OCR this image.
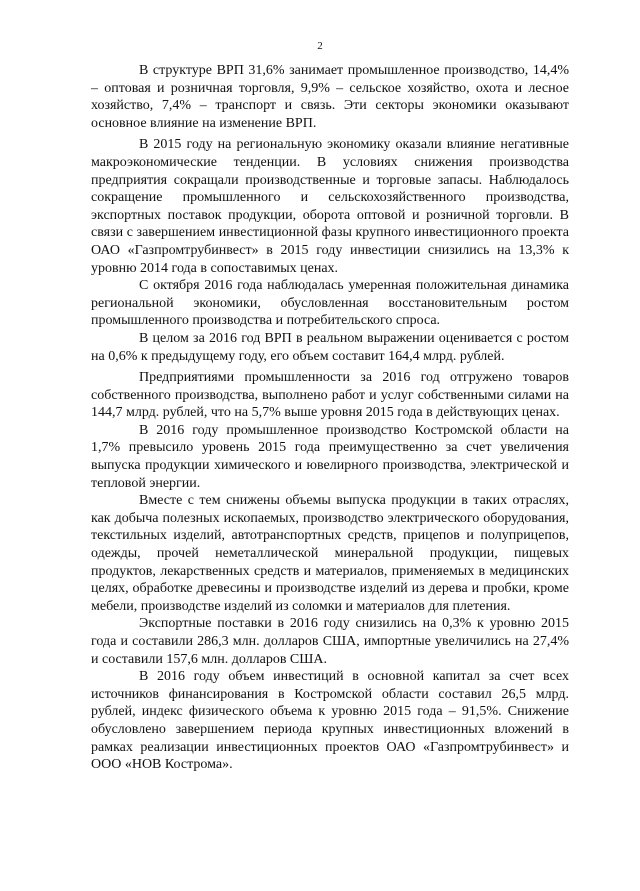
2

В структуре ВРП 31,6% занимает промышленное производство, 14,4% – оптовая и розничная торговля, 9,9% – сельское хозяйство, охота и лесное хозяйство, 7,4% – транспорт и связь. Эти секторы экономики оказывают основное влияние на изменение ВРП.

В 2015 году на региональную экономику оказали влияние негативные макроэкономические тенденции. В условиях снижения производства предприятия сокращали производственные и торговые запасы. Наблюдалось сокращение промышленного и сельскохозяйственного производства, экспортных поставок продукции, оборота оптовой и розничной торговли. В связи с завершением инвестиционной фазы крупного инвестиционного проекта ОАО «Газпромтрубинвест» в 2015 году инвестиции снизились на 13,3% к уровню 2014 года в сопоставимых ценах.

С октября 2016 года наблюдалась умеренная положительная динамика региональной экономики, обусловленная восстановительным ростом промышленного производства и потребительского спроса.

В целом за 2016 год ВРП в реальном выражении оценивается с ростом на 0,6% к предыдущему году, его объем составит 164,4 млрд. рублей.

Предприятиями промышленности за 2016 год отгружено товаров собственного производства, выполнено работ и услуг собственными силами на 144,7 млрд. рублей, что на 5,7% выше уровня 2015 года в действующих ценах.

В 2016 году промышленное производство Костромской области на 1,7% превысило уровень 2015 года преимущественно за счет увеличения выпуска продукции химического и ювелирного производства, электрической и тепловой энергии.

Вместе с тем снижены объемы выпуска продукции в таких отраслях, как добыча полезных ископаемых, производство электрического оборудования, текстильных изделий, автотранспортных средств, прицепов и полуприцепов, одежды, прочей неметаллической минеральной продукции, пищевых продуктов, лекарственных средств и материалов, применяемых в медицинских целях, обработке древесины и производстве изделий из дерева и пробки, кроме мебели, производстве изделий из соломки и материалов для плетения.

Экспортные поставки в 2016 году снизились на 0,3% к уровню 2015 года и составили 286,3 млн. долларов США, импортные увеличились на 27,4% и составили 157,6 млн. долларов США.

В 2016 году объем инвестиций в основной капитал за счет всех источников финансирования в Костромской области составил 26,5 млрд. рублей, индекс физического объема к уровню 2015 года – 91,5%. Снижение обусловлено завершением периода крупных инвестиционных вложений в рамках реализации инвестиционных проектов ОАО «Газпромтрубинвест» и ООО «НОВ Кострома».
